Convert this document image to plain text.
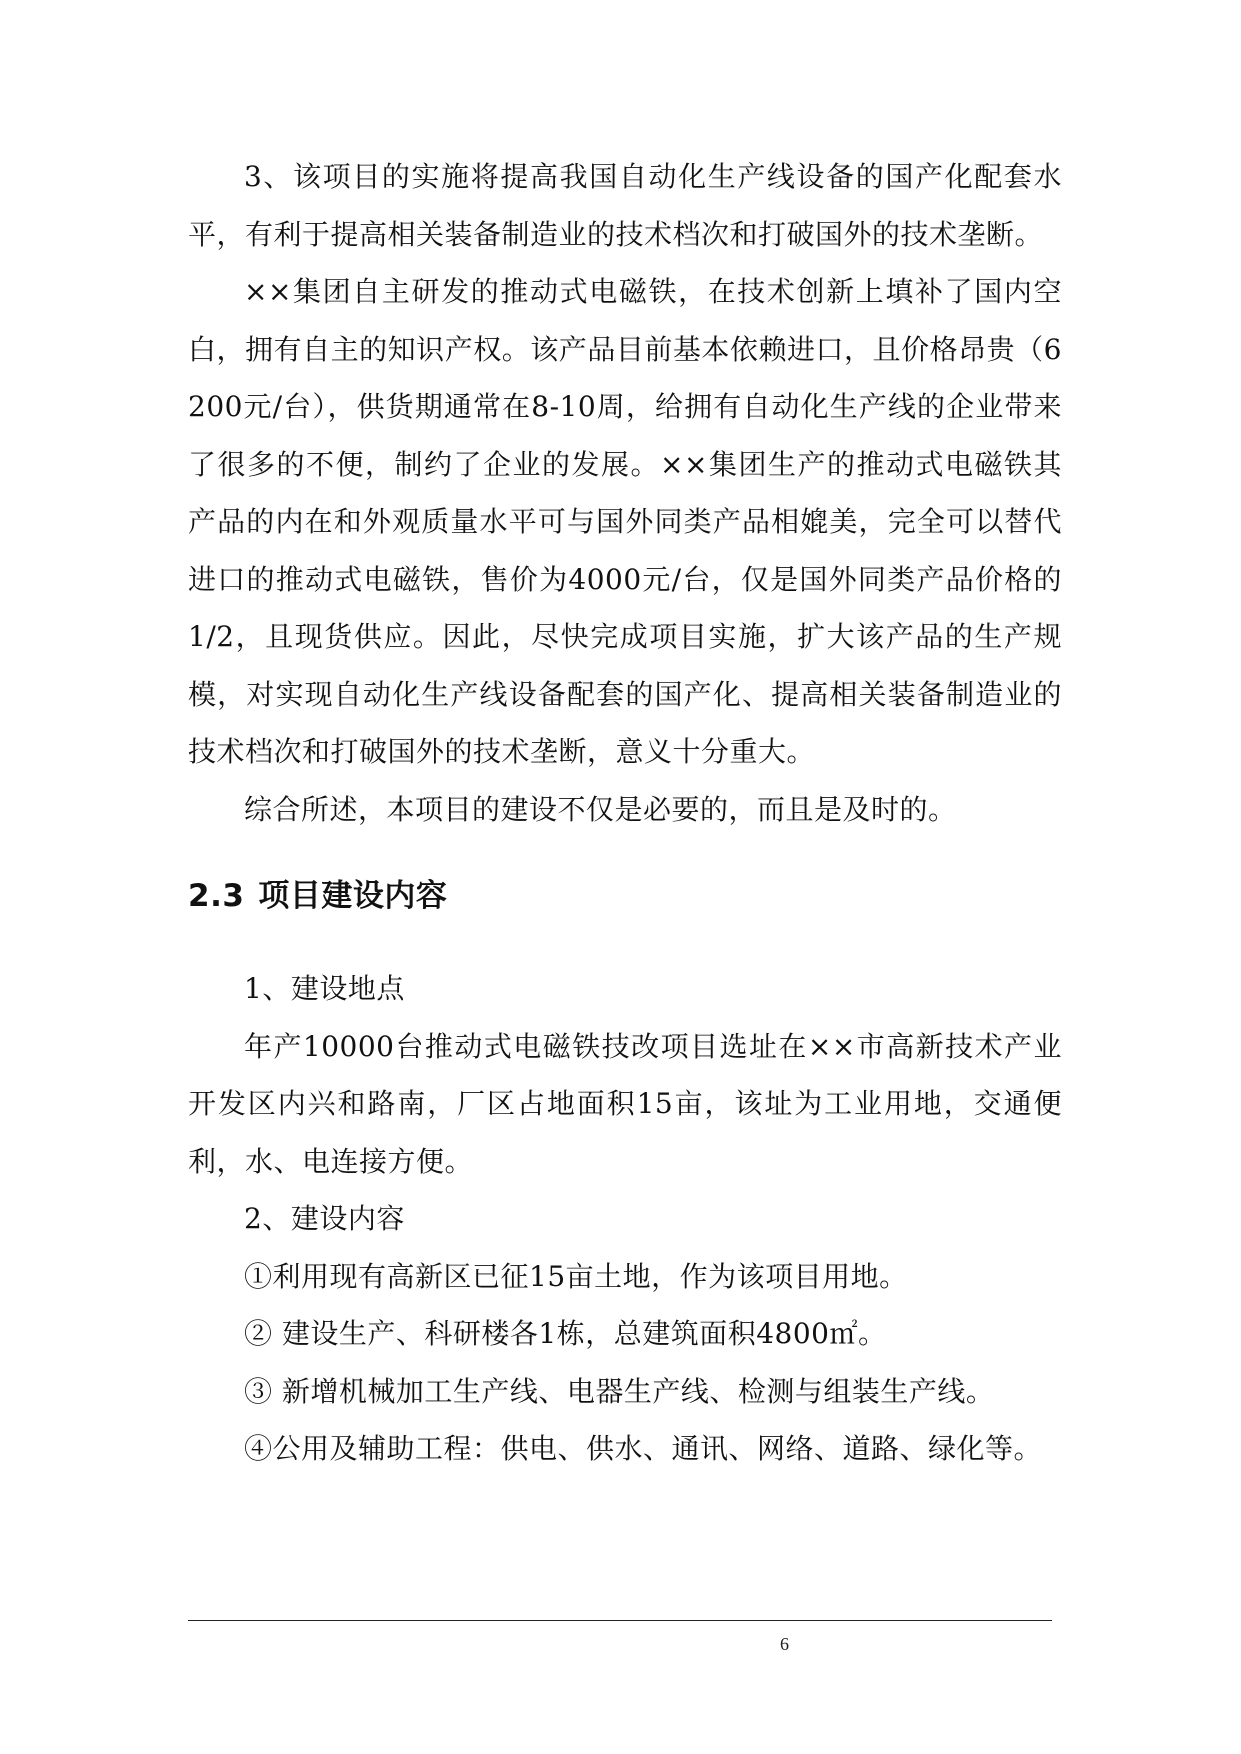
3、该项目的实施将提高我国自动化生产线设备的国产化配套水平，有利于提高相关装备制造业的技术档次和打破国外的技术垄断。

××集团自主研发的推动式电磁铁，在技术创新上填补了国内空白，拥有自主的知识产权。该产品目前基本依赖进口，且价格昂贵（6200元/台），供货期通常在8-10周，给拥有自动化生产线的企业带来了很多的不便，制约了企业的发展。××集团生产的推动式电磁铁其产品的内在和外观质量水平可与国外同类产品相媲美，完全可以替代进口的推动式电磁铁，售价为4000元/台，仅是国外同类产品价格的1/2，且现货供应。因此，尽快完成项目实施，扩大该产品的生产规模，对实现自动化生产线设备配套的国产化、提高相关装备制造业的技术档次和打破国外的技术垄断，意义十分重大。

综合所述，本项目的建设不仅是必要的，而且是及时的。

2.3 项目建设内容

1、建设地点

年产10000台推动式电磁铁技改项目选址在××市高新技术产业开发区内兴和路南，厂区占地面积15亩，该址为工业用地，交通便利，水、电连接方便。

2、建设内容

①利用现有高新区已征15亩土地，作为该项目用地。

② 建设生产、科研楼各1栋，总建筑面积4800㎡。

③ 新增机械加工生产线、电器生产线、检测与组装生产线。

④公用及辅助工程：供电、供水、通讯、网络、道路、绿化等。

6
